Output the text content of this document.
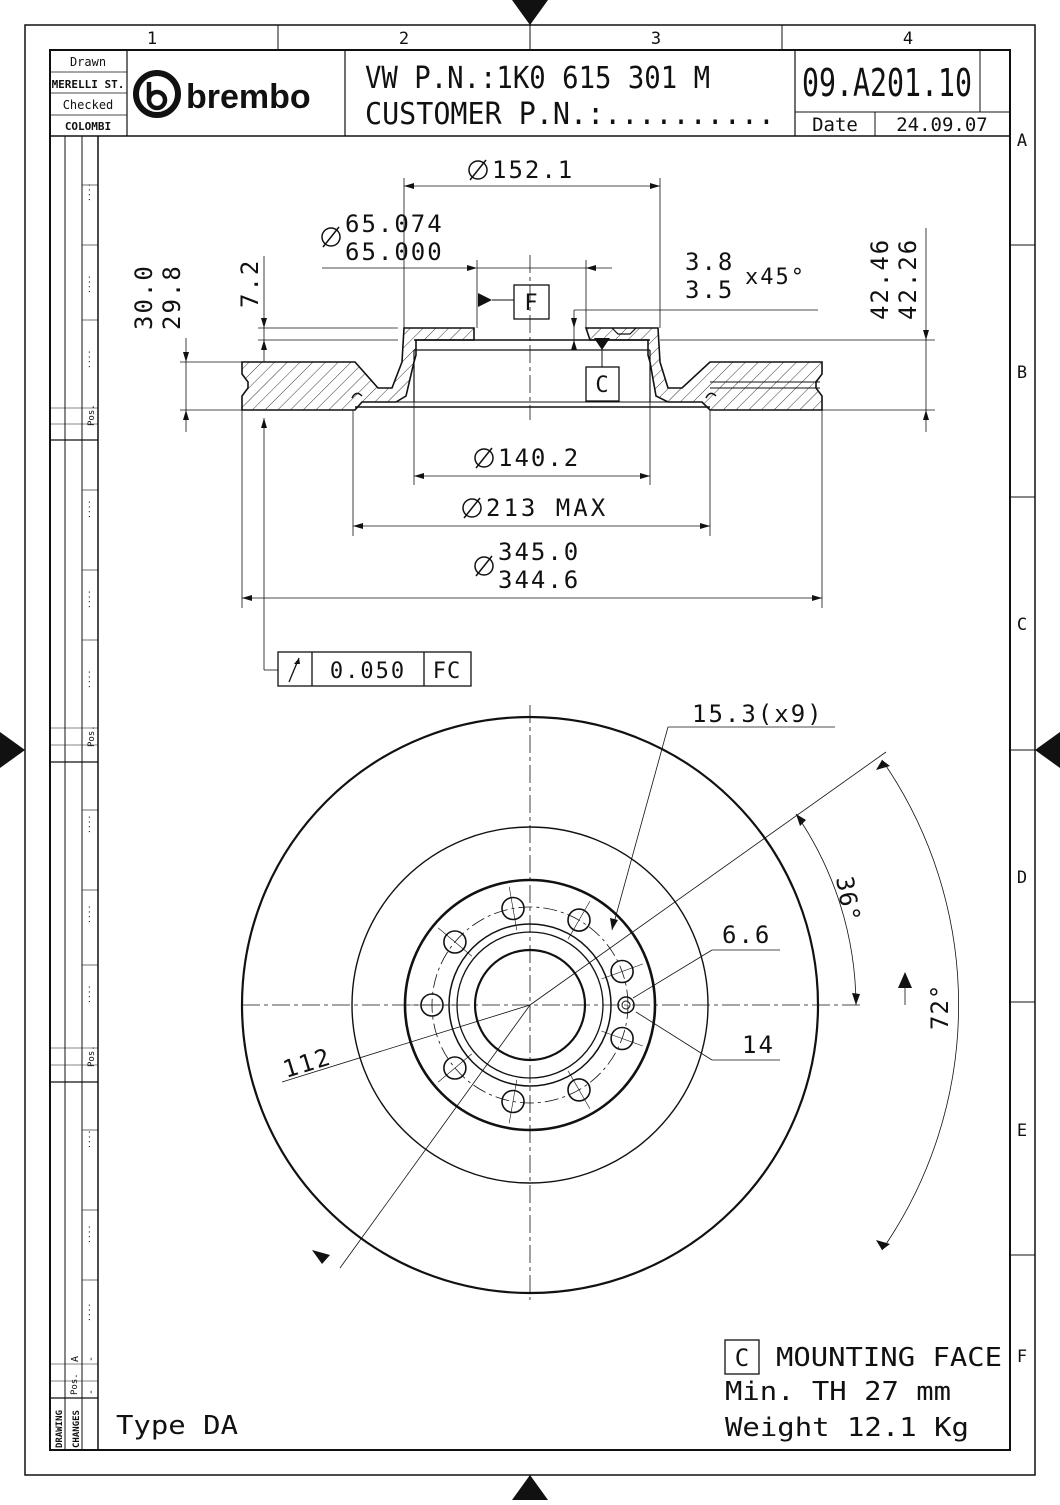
1	2	3	4
A
B
C
D
E
F
Drawn
MERELLI ST.
Checked
COLOMBI
brembo VW P.N.:1K0 615 301 M
CUSTOMER P.N.:..........
09.A201.10
Date 24.09.07
....
....
....
....
....
....
....
....
....
....
....
....
Pos.
Pos.
Pos.
Pos.
DRAWING CHANGES
A -
-
152.1
65.074
65.000	3.8
3.5 x45°	42.46 42.26
30.0 29.8 7.2
140.2
213 MAX
345.0
344.6
F
C
0.050 FC
15.3(x9)
6.6
14
112
36°
72°
C MOUNTING FACE
Min. TH 27 mm
Weight 12.1 Kg
Type DA
